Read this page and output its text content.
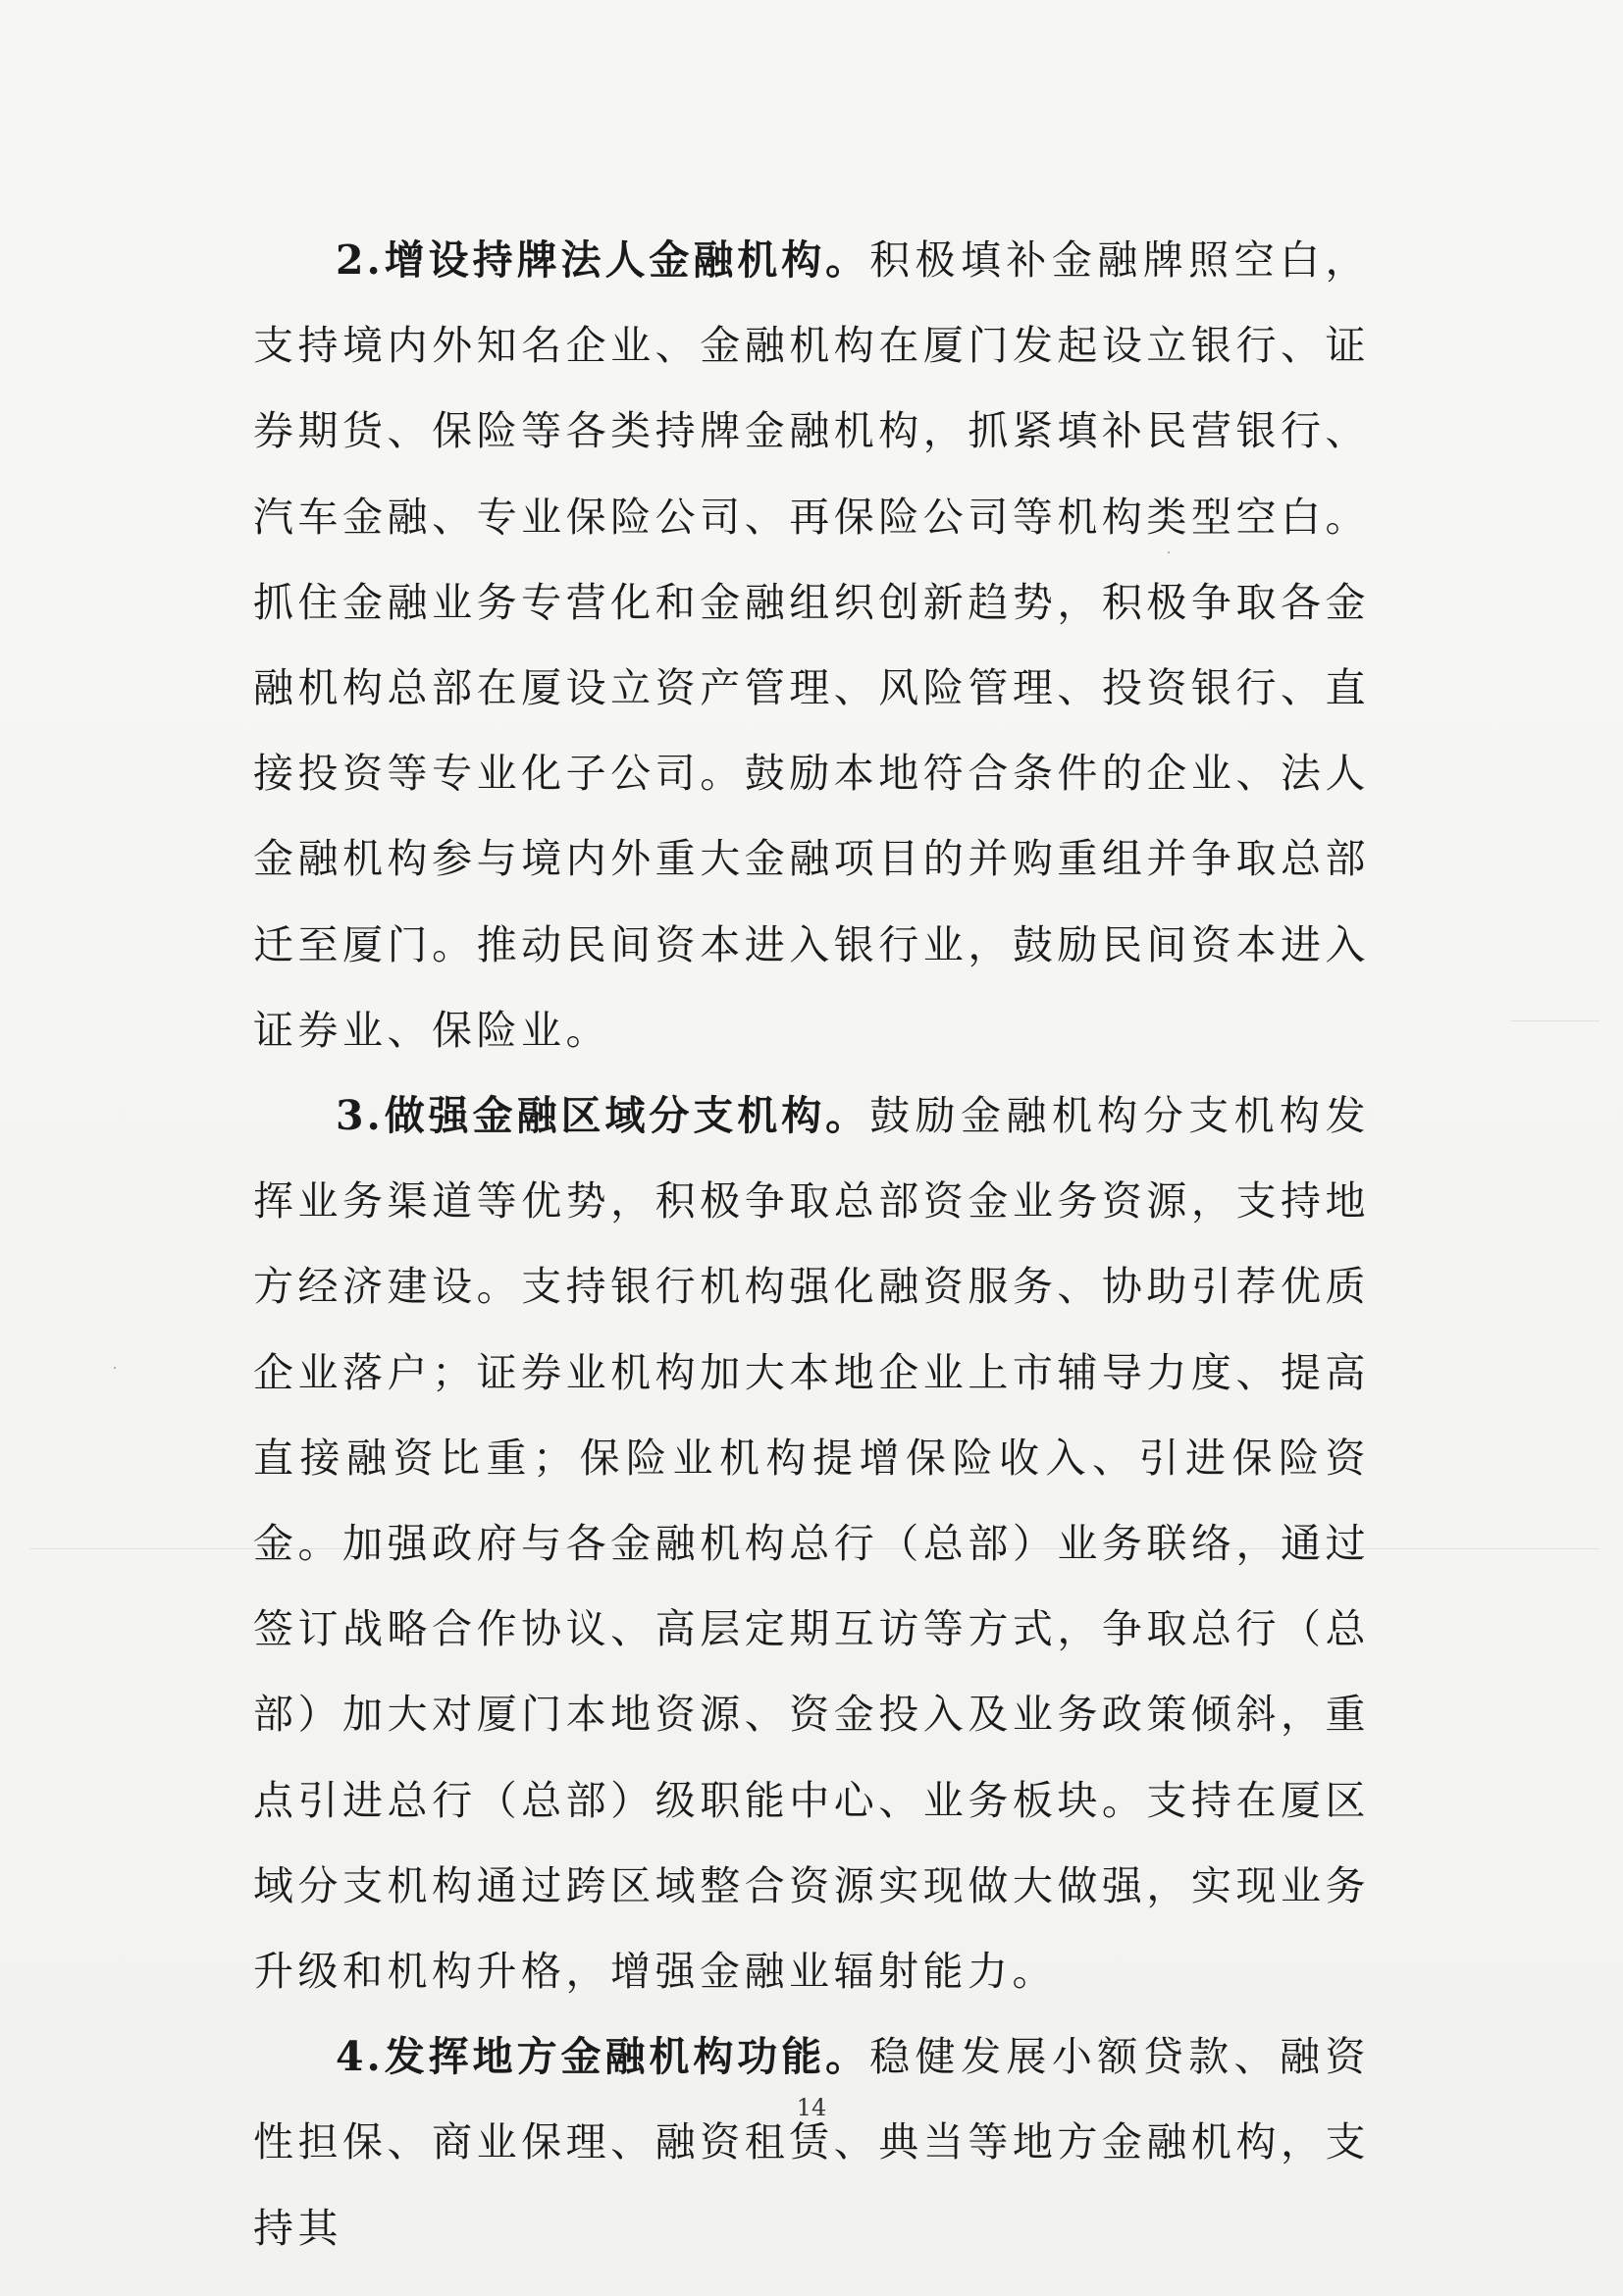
2.增设持牌法人金融机构。积极填补金融牌照空白，支持境内外知名企业、金融机构在厦门发起设立银行、证券期货、保险等各类持牌金融机构，抓紧填补民营银行、汽车金融、专业保险公司、再保险公司等机构类型空白。抓住金融业务专营化和金融组织创新趋势，积极争取各金融机构总部在厦设立资产管理、风险管理、投资银行、直接投资等专业化子公司。鼓励本地符合条件的企业、法人金融机构参与境内外重大金融项目的并购重组并争取总部迁至厦门。推动民间资本进入银行业，鼓励民间资本进入证券业、保险业。

3.做强金融区域分支机构。鼓励金融机构分支机构发挥业务渠道等优势，积极争取总部资金业务资源，支持地方经济建设。支持银行机构强化融资服务、协助引荐优质企业落户；证券业机构加大本地企业上市辅导力度、提高直接融资比重；保险业机构提增保险收入、引进保险资金。加强政府与各金融机构总行（总部）业务联络，通过签订战略合作协议、高层定期互访等方式，争取总行（总部）加大对厦门本地资源、资金投入及业务政策倾斜，重点引进总行（总部）级职能中心、业务板块。支持在厦区域分支机构通过跨区域整合资源实现做大做强，实现业务升级和机构升格，增强金融业辐射能力。

4.发挥地方金融机构功能。稳健发展小额贷款、融资性担保、商业保理、融资租赁、典当等地方金融机构，支持其

14
